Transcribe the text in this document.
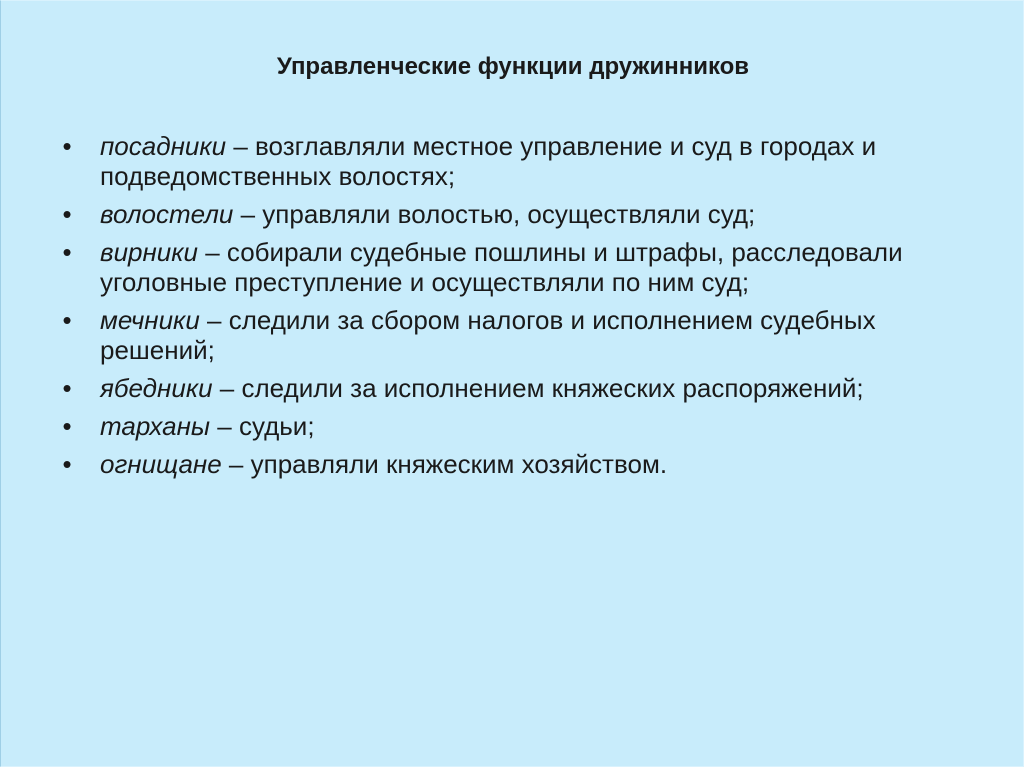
Управленческие функции дружинников
• посадники – возглавляли местное управление и суд в городах и подведомственных волостях;
• волостели – управляли волостью, осуществляли суд;
• вирники – собирали судебные пошлины и штрафы, расследовали уголовные преступление и осуществляли по ним суд;
• мечники – следили за сбором налогов и исполнением судебных решений;
• ябедники – следили за исполнением княжеских распоряжений;
• тарханы – судьи;
• огнищане – управляли княжеским хозяйством.
